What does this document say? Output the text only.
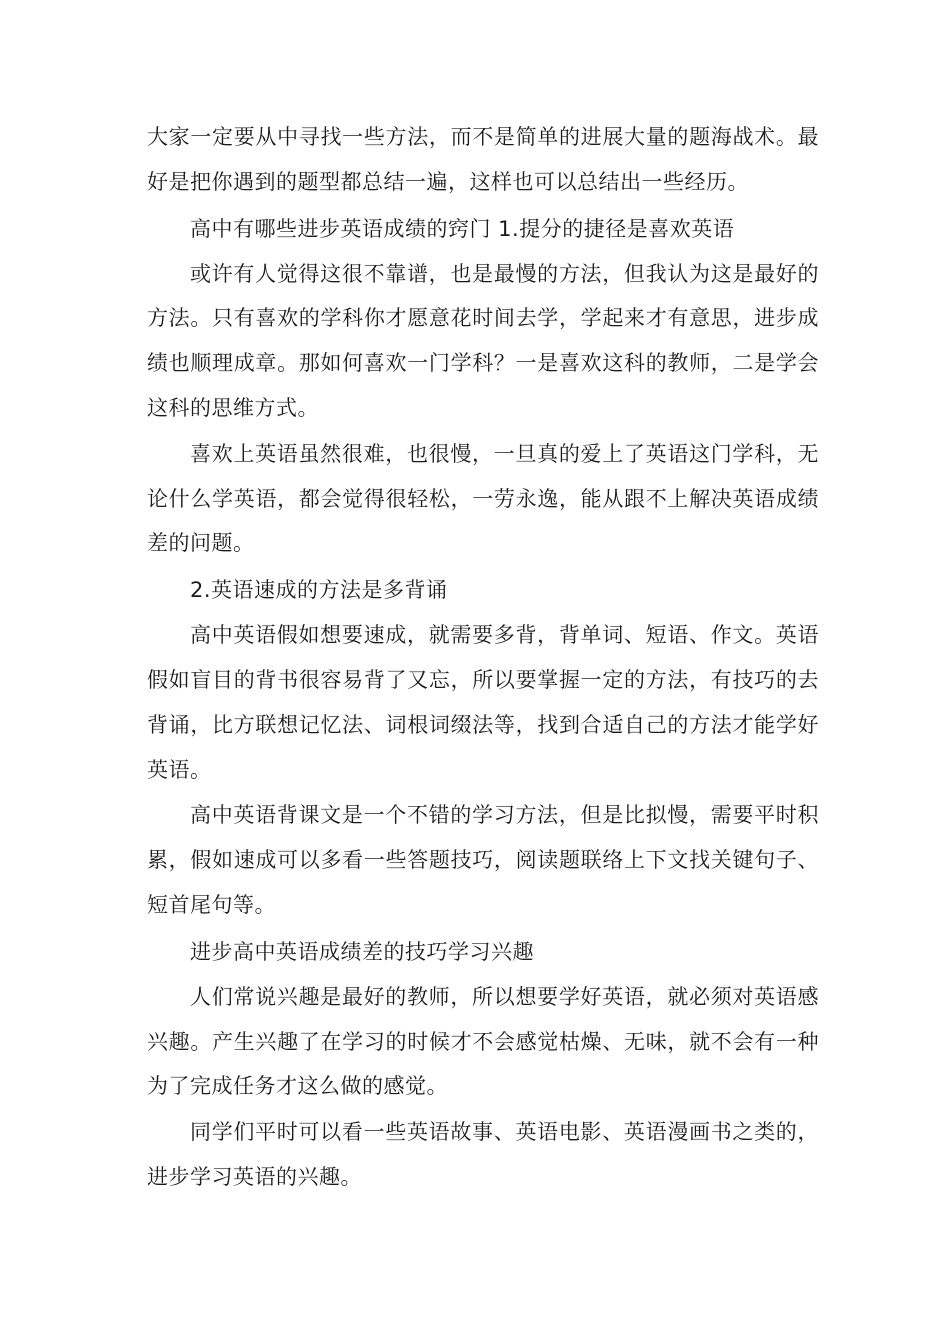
大家一定要从中寻找一些方法，而不是简单的进展大量的题海战术。最好是把你遇到的题型都总结一遍，这样也可以总结出一些经历。

高中有哪些进步英语成绩的窍门 1.提分的捷径是喜欢英语

或许有人觉得这很不靠谱，也是最慢的方法，但我认为这是最好的方法。只有喜欢的学科你才愿意花时间去学，学起来才有意思，进步成绩也顺理成章。那如何喜欢一门学科？一是喜欢这科的教师，二是学会这科的思维方式。

喜欢上英语虽然很难，也很慢，一旦真的爱上了英语这门学科，无论什么学英语，都会觉得很轻松，一劳永逸，能从跟不上解决英语成绩差的问题。

2.英语速成的方法是多背诵

高中英语假如想要速成，就需要多背，背单词、短语、作文。英语假如盲目的背书很容易背了又忘，所以要掌握一定的方法，有技巧的去背诵，比方联想记忆法、词根词缀法等，找到合适自己的方法才能学好英语。

高中英语背课文是一个不错的学习方法，但是比拟慢，需要平时积累，假如速成可以多看一些答题技巧，阅读题联络上下文找关键句子、短首尾句等。

进步高中英语成绩差的技巧学习兴趣

人们常说兴趣是最好的教师，所以想要学好英语，就必须对英语感兴趣。产生兴趣了在学习的时候才不会感觉枯燥、无味，就不会有一种为了完成任务才这么做的感觉。

同学们平时可以看一些英语故事、英语电影、英语漫画书之类的，进步学习英语的兴趣。
